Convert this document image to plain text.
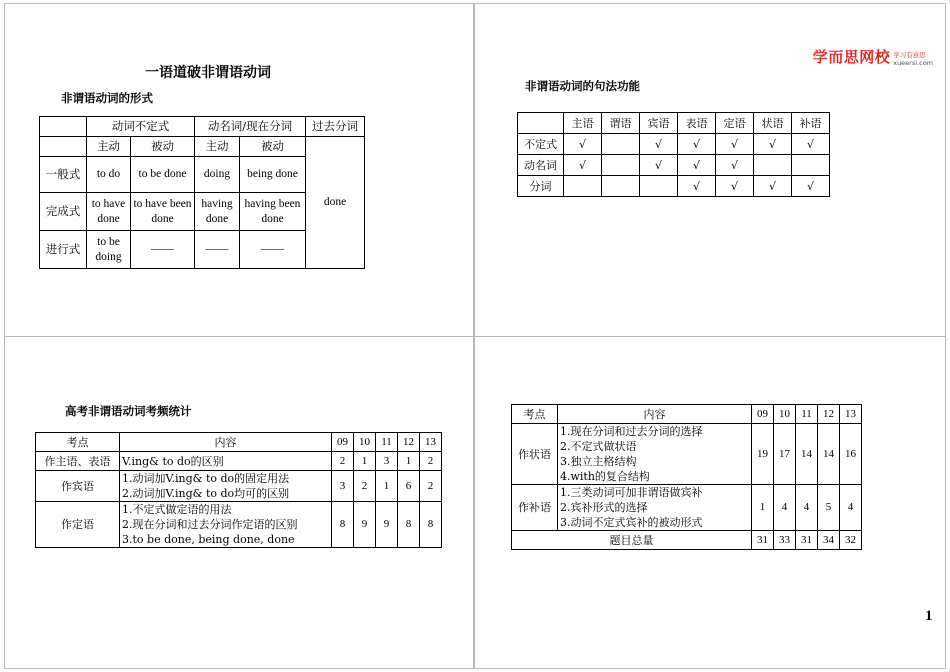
一语道破非谓语动词
非谓语动词的形式
	动词不定式		动名词/现在分词		过去分词
	主动	被动	主动	被动	done
一般式	to do	to be done	doing	being done	
完成式	to have done	to have been done	having done	having been done	
进行式	to be doing	——	——	——	
学而思网校 学习有意思
xueersi.com
非谓语动词的句法功能
	主语	谓语	宾语	表语	定语	状语	补语
不定式	√		√	√	√	√	√
动名词	√		√	√	√		
分词				√	√	√	√
高考非谓语动词考频统计
考点	内容	09	10	11	12	13
作主语、表语	V.ing& to do的区别	2	1	3	1	2
作宾语	1.动词加V.ing& to do的固定用法
2.动词加V.ing& to do均可的区别	3	2	1	6	2
作定语	1.不定式做定语的用法
2.现在分词和过去分词作定语的区别
3.to be done, being done, done	8	9	9	8	8
考点	内容	09	10	11	12	13
作状语	1.现在分词和过去分词的选择
2.不定式做状语
3.独立主格结构
4.with的复合结构	19	17	14	14	16
作补语	1.三类动词可加非谓语做宾补
2.宾补形式的选择
3.动词不定式宾补的被动形式	1	4	4	5	4
题目总量		31	33	31	34	32
1
